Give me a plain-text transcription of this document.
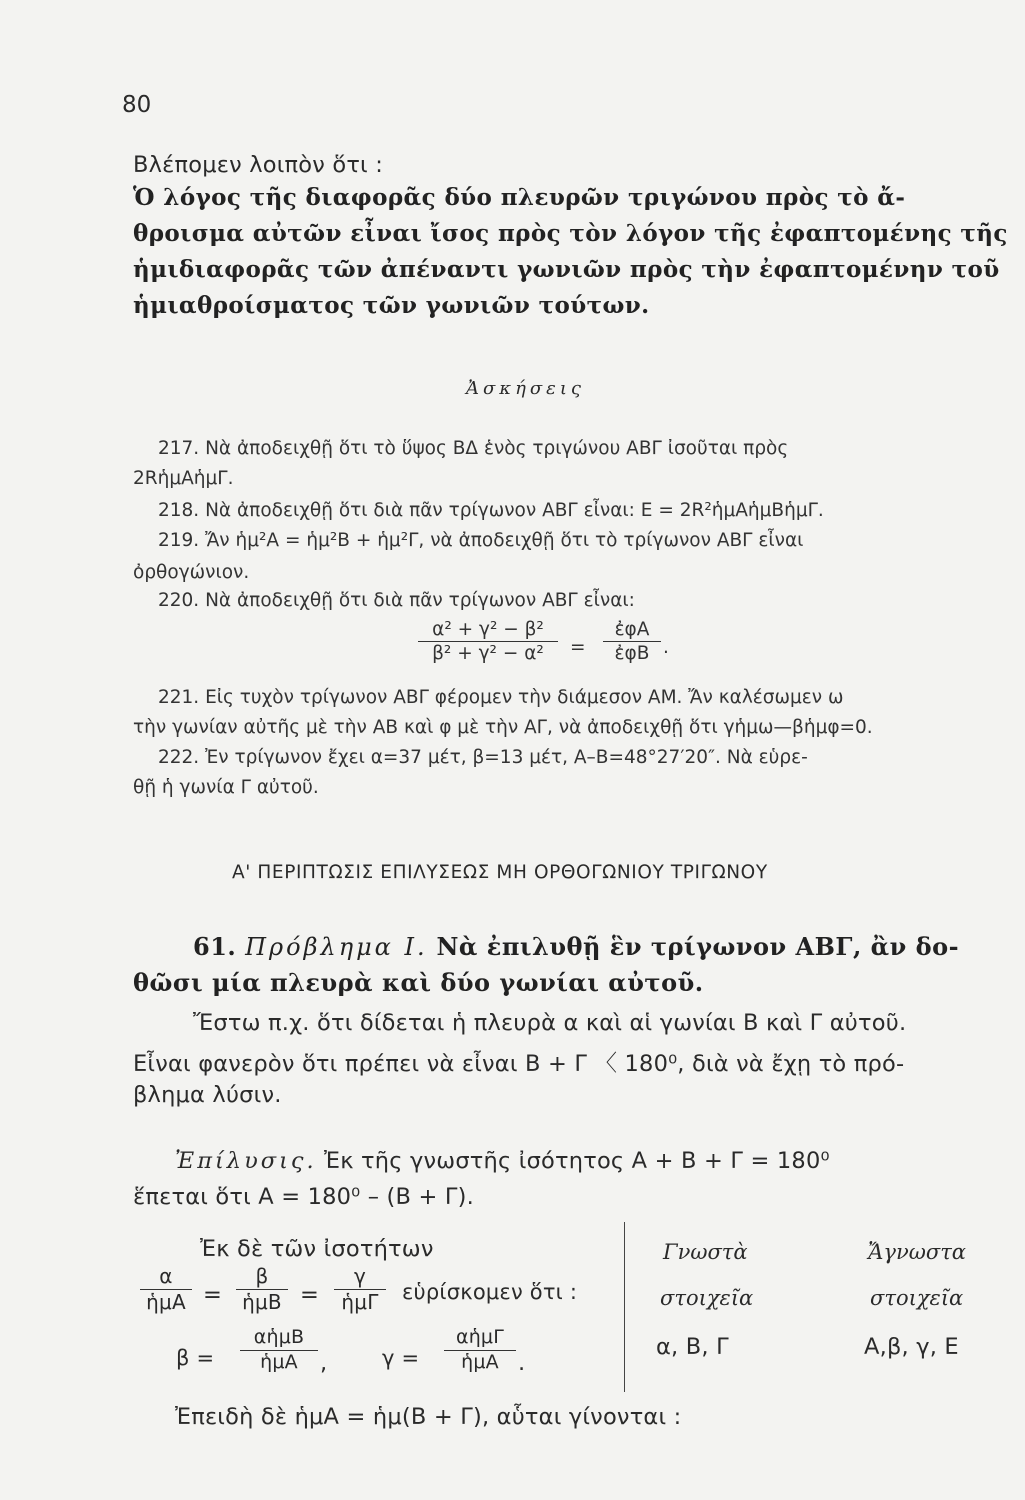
80
Βλέπομεν λοιπὸν ὅτι :
Ὁ λόγος τῆς διαφορᾶς δύο πλευρῶν τριγώνου πρὸς τὸ ἄ-
θροισμα αὐτῶν εἶναι ἴσος πρὸς τὸν λόγον τῆς ἐφαπτομένης τῆς
ἡμιδιαφορᾶς τῶν ἀπέναντι γωνιῶν πρὸς τὴν ἐφαπτομένην τοῦ
ἡμιαθροίσματος τῶν γωνιῶν τούτων.
Ἀσκήσεις
217. Νὰ ἀποδειχθῇ ὅτι τὸ ὕψος ΒΔ ἑνὸς τριγώνου ΑΒΓ ἰσοῦται πρὸς
2RἡμΑἡμΓ.
218. Νὰ ἀποδειχθῇ ὅτι διὰ πᾶν τρίγωνον ΑΒΓ εἶναι: Ε = 2R²ἡμΑἡμΒἡμΓ.
219. Ἄν ἡμ²Α = ἡμ²Β + ἡμ²Γ, νὰ ἀποδειχθῇ ὅτι τὸ τρίγωνον ΑΒΓ εἶναι
ὀρθογώνιον.
220. Νὰ ἀποδειχθῇ ὅτι διὰ πᾶν τρίγωνον ΑΒΓ εἶναι:
α² + γ² − β²
β² + γ² − α² =
ἐφΑ
ἐφΒ .
221. Εἰς τυχὸν τρίγωνον ΑΒΓ φέρομεν τὴν διάμεσον ΑΜ. Ἄν καλέσωμεν ω
τὴν γωνίαν αὐτῆς μὲ τὴν ΑΒ καὶ φ μὲ τὴν ΑΓ, νὰ ἀποδειχθῇ ὅτι γἡμω—βἡμφ=0.
222. Ἐν τρίγωνον ἔχει α=37 μέτ, β=13 μέτ, Α–Β=48°27′20″. Νὰ εὑρε-
θῇ ἡ γωνία Γ αὐτοῦ.
Α' ΠΕΡΙΠΤΩΣΙΣ ΕΠΙΛΥΣΕΩΣ ΜΗ ΟΡΘΟΓΩΝΙΟΥ ΤΡΙΓΩΝΟΥ
61. Πρόβλημα Ι. Νὰ ἐπιλυθῇ ἓν τρίγωνον ΑΒΓ, ἂν δο-
θῶσι μία πλευρὰ καὶ δύο γωνίαι αὐτοῦ.
Ἔστω π.χ. ὅτι δίδεται ἡ πλευρὰ α καὶ αἱ γωνίαι Β καὶ Γ αὐτοῦ.
Εἶναι φανερὸν ὅτι πρέπει νὰ εἶναι Β + Γ 〈 180⁰, διὰ νὰ ἔχῃ τὸ πρό-
βλημα λύσιν.
Ἐπίλυσις. Ἐκ τῆς γνωστῆς ἰσότητος Α + Β + Γ = 180⁰
ἕπεται ὅτι Α = 180⁰ – (Β + Γ).
Ἐκ δὲ τῶν ἰσοτήτων
α
ἡμΑ =
β
ἡμΒ =
γ
ἡμΓ εὑρίσκομεν ὅτι :
β =
αἡμΒ
ἡμΑ ,	γ =
αἡμΓ
ἡμΑ .
Ἐπειδὴ δὲ ἡμΑ = ἡμ(Β + Γ), αὗται γίνονται :
Γνωστὰ
στοιχεῖα
α, Β, Γ
Ἄγνωστα
στοιχεῖα
Α,β, γ, Ε
